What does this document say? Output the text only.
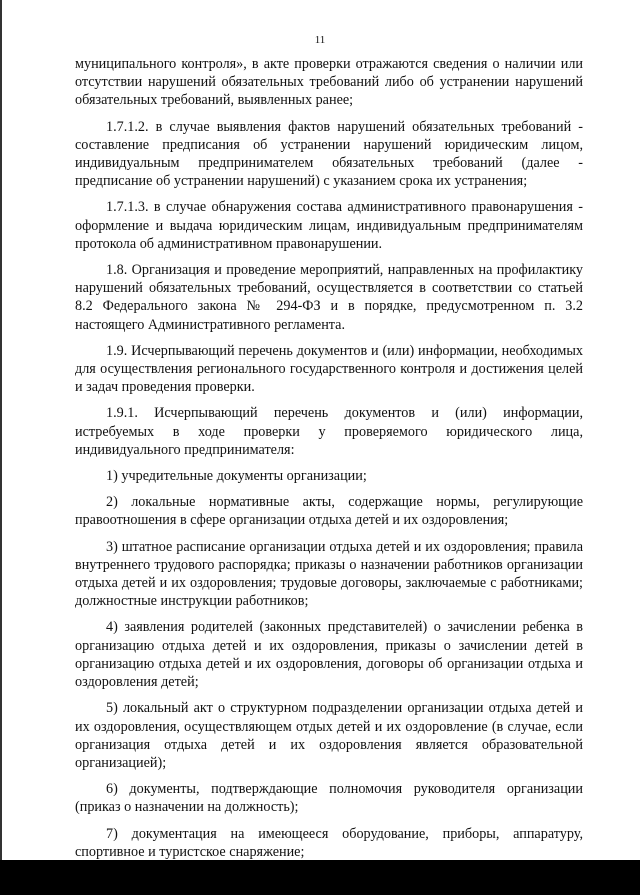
11

муниципального контроля», в акте проверки отражаются сведения о наличии или отсутствии нарушений обязательных требований либо об устранении нарушений обязательных требований, выявленных ранее;

1.7.1.2. в случае выявления фактов нарушений обязательных требований - составление предписания об устранении нарушений юридическим лицом, индивидуальным предпринимателем обязательных требований (далее - предписание об устранении нарушений) с указанием срока их устранения;

1.7.1.3. в случае обнаружения состава административного правонарушения - оформление и выдача юридическим лицам, индивидуальным предпринимателям протокола об административном правонарушении.

1.8. Организация и проведение мероприятий, направленных на профилактику нарушений обязательных требований, осуществляется в соответствии со статьей 8.2 Федерального закона № 294-ФЗ и в порядке, предусмотренном п. 3.2 настоящего Административного регламента.

1.9. Исчерпывающий перечень документов и (или) информации, необходимых для осуществления регионального государственного контроля и достижения целей и задач проведения проверки.

1.9.1. Исчерпывающий перечень документов и (или) информации, истребуемых в ходе проверки у проверяемого юридического лица, индивидуального предпринимателя:

1) учредительные документы организации;

2) локальные нормативные акты, содержащие нормы, регулирующие правоотношения в сфере организации отдыха детей и их оздоровления;

3) штатное расписание организации отдыха детей и их оздоровления; правила внутреннего трудового распорядка; приказы о назначении работников организации отдыха детей и их оздоровления; трудовые договоры, заключаемые с работниками; должностные инструкции работников;

4) заявления родителей (законных представителей) о зачислении ребенка в организацию отдыха детей и их оздоровления, приказы о зачислении детей в организацию отдыха детей и их оздоровления, договоры об организации отдыха и оздоровления детей;

5) локальный акт о структурном подразделении организации отдыха детей и их оздоровления, осуществляющем отдых детей и их оздоровление (в случае, если организация отдыха детей и их оздоровления является образовательной организацией);

6) документы, подтверждающие полномочия руководителя организации (приказ о назначении на должность);

7) документация на имеющееся оборудование, приборы, аппаратуру, спортивное и туристское снаряжение;
